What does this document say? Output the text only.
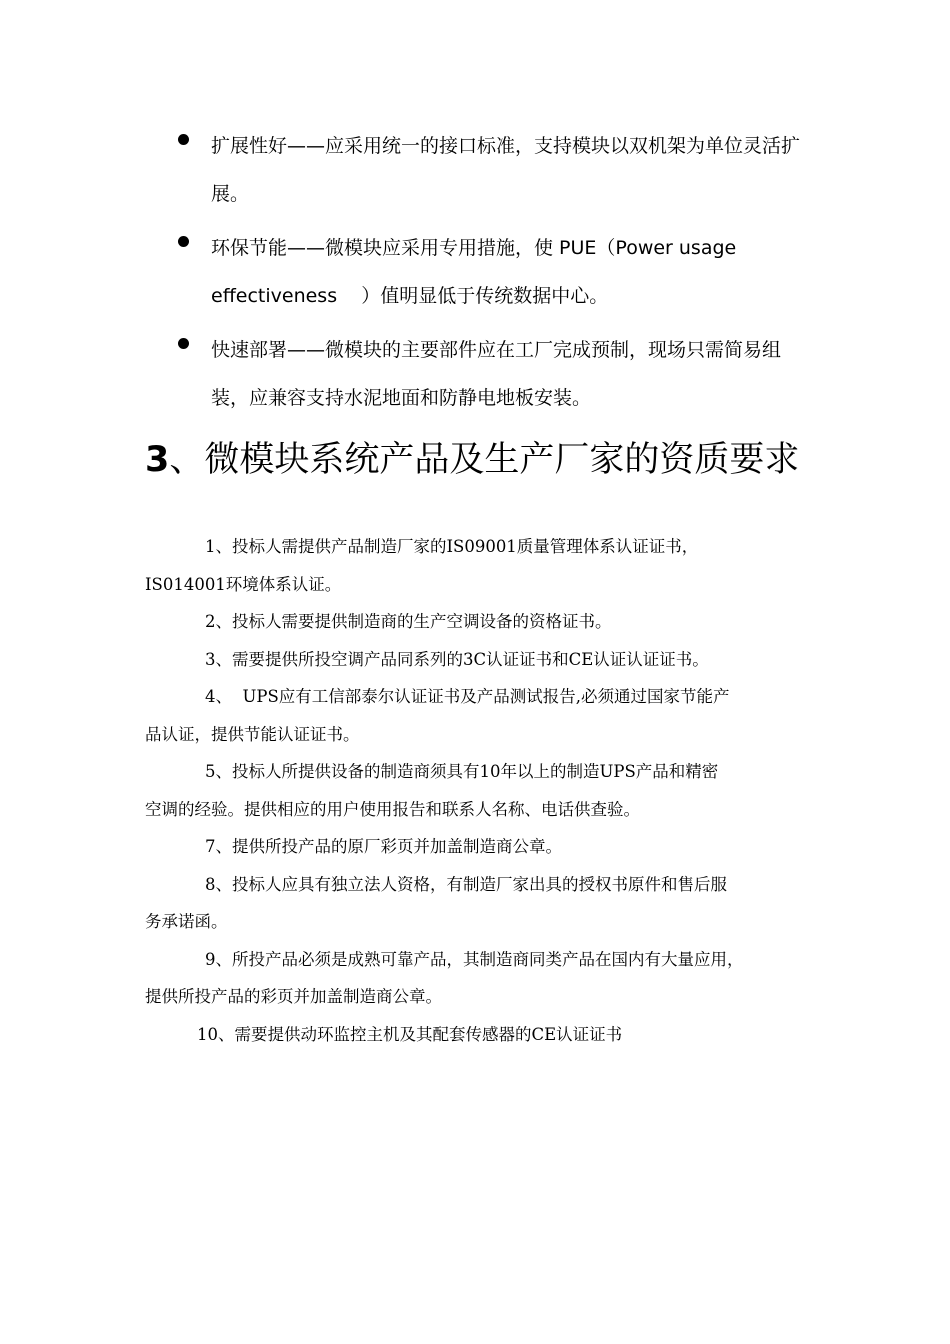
扩展性好——应采用统一的接口标准，支持模块以双机架为单位灵活扩
展。
环保节能——微模块应采用专用措施，使 PUE（Power usage
effectiveness    ）值明显低于传统数据中心。
快速部署——微模块的主要部件应在工厂完成预制，现场只需简易组
装，应兼容支持水泥地面和防静电地板安装。
3、微模块系统产品及生产厂家的资质要求
1、投标人需提供产品制造厂家的IS09001质量管理体系认证证书，
IS014001环境体系认证。
2、投标人需要提供制造商的生产空调设备的资格证书。
3、需要提供所投空调产品同系列的3C认证证书和CE认证认证证书。
4、  UPS应有工信部泰尔认证证书及产品测试报告,必须通过国家节能产
品认证，提供节能认证证书。
5、投标人所提供设备的制造商须具有10年以上的制造UPS产品和精密
空调的经验。提供相应的用户使用报告和联系人名称、电话供查验。
7、提供所投产品的原厂彩页并加盖制造商公章。
8、投标人应具有独立法人资格，有制造厂家出具的授权书原件和售后服
务承诺函。
9、所投产品必须是成熟可靠产品，其制造商同类产品在国内有大量应用，
提供所投产品的彩页并加盖制造商公章。
10、需要提供动环监控主机及其配套传感器的CE认证证书
